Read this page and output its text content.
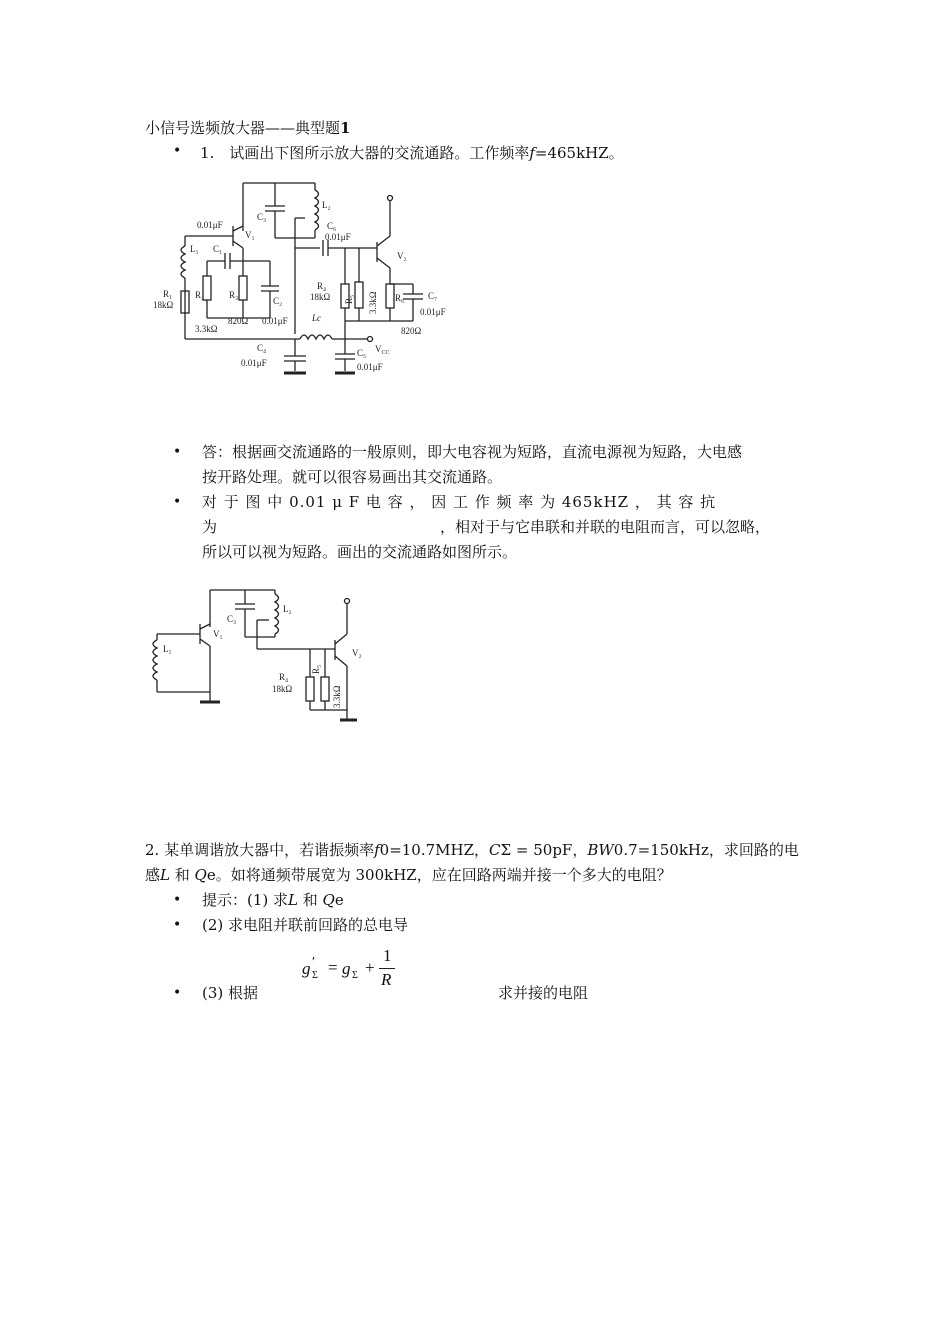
小信号选频放大器——典型题1
• 1.　试画出下图所示放大器的交流通路。工作频率f=465kHZ。
C₃
L₂
C₆
0.01μF
0.01μF
V₁
L₁ C₁
V₂
R₁
18kΩ
R₂	R₃
C₂
R₄
18kΩ R₅ 3.3kΩ R₆	C₇
0.01μF
3.3kΩ
820Ω 0.01μF	Lc
820Ω
C₄
0.01μF
C₅ $V_{CC}$
0.01μF
• 答：根据画交流通路的一般原则，即大电容视为短路，直流电源视为短路，大电感
按开路处理。就可以很容易画出其交流通路。
• 对 于 图 中 0.01 μ F 电 容 ， 因 工 作 频 率 为 465kHZ ， 其 容 抗
为	，相对于与它串联和并联的电阻而言，可以忽略，
所以可以视为短路。画出的交流通路如图所示。
C₃
L₂
V₁
L₁	V₂
R₄
18kΩ
R₅
3.3kΩ
2. 某单调谐放大器中，若谐振频率f0=10.7MHZ，CΣ = 50pF，BW0.7=150kHz，求回路的电
感L 和 Qe。如将通频带展宽为 300kHZ，应在回路两端并接一个多大的电阻？
• 提示：(1) 求L 和 Qe
• (2) 求电阻并联前回路的总电导
g ′
Σ = g Σ +
1
R
• (3) 根据	求并接的电阻
